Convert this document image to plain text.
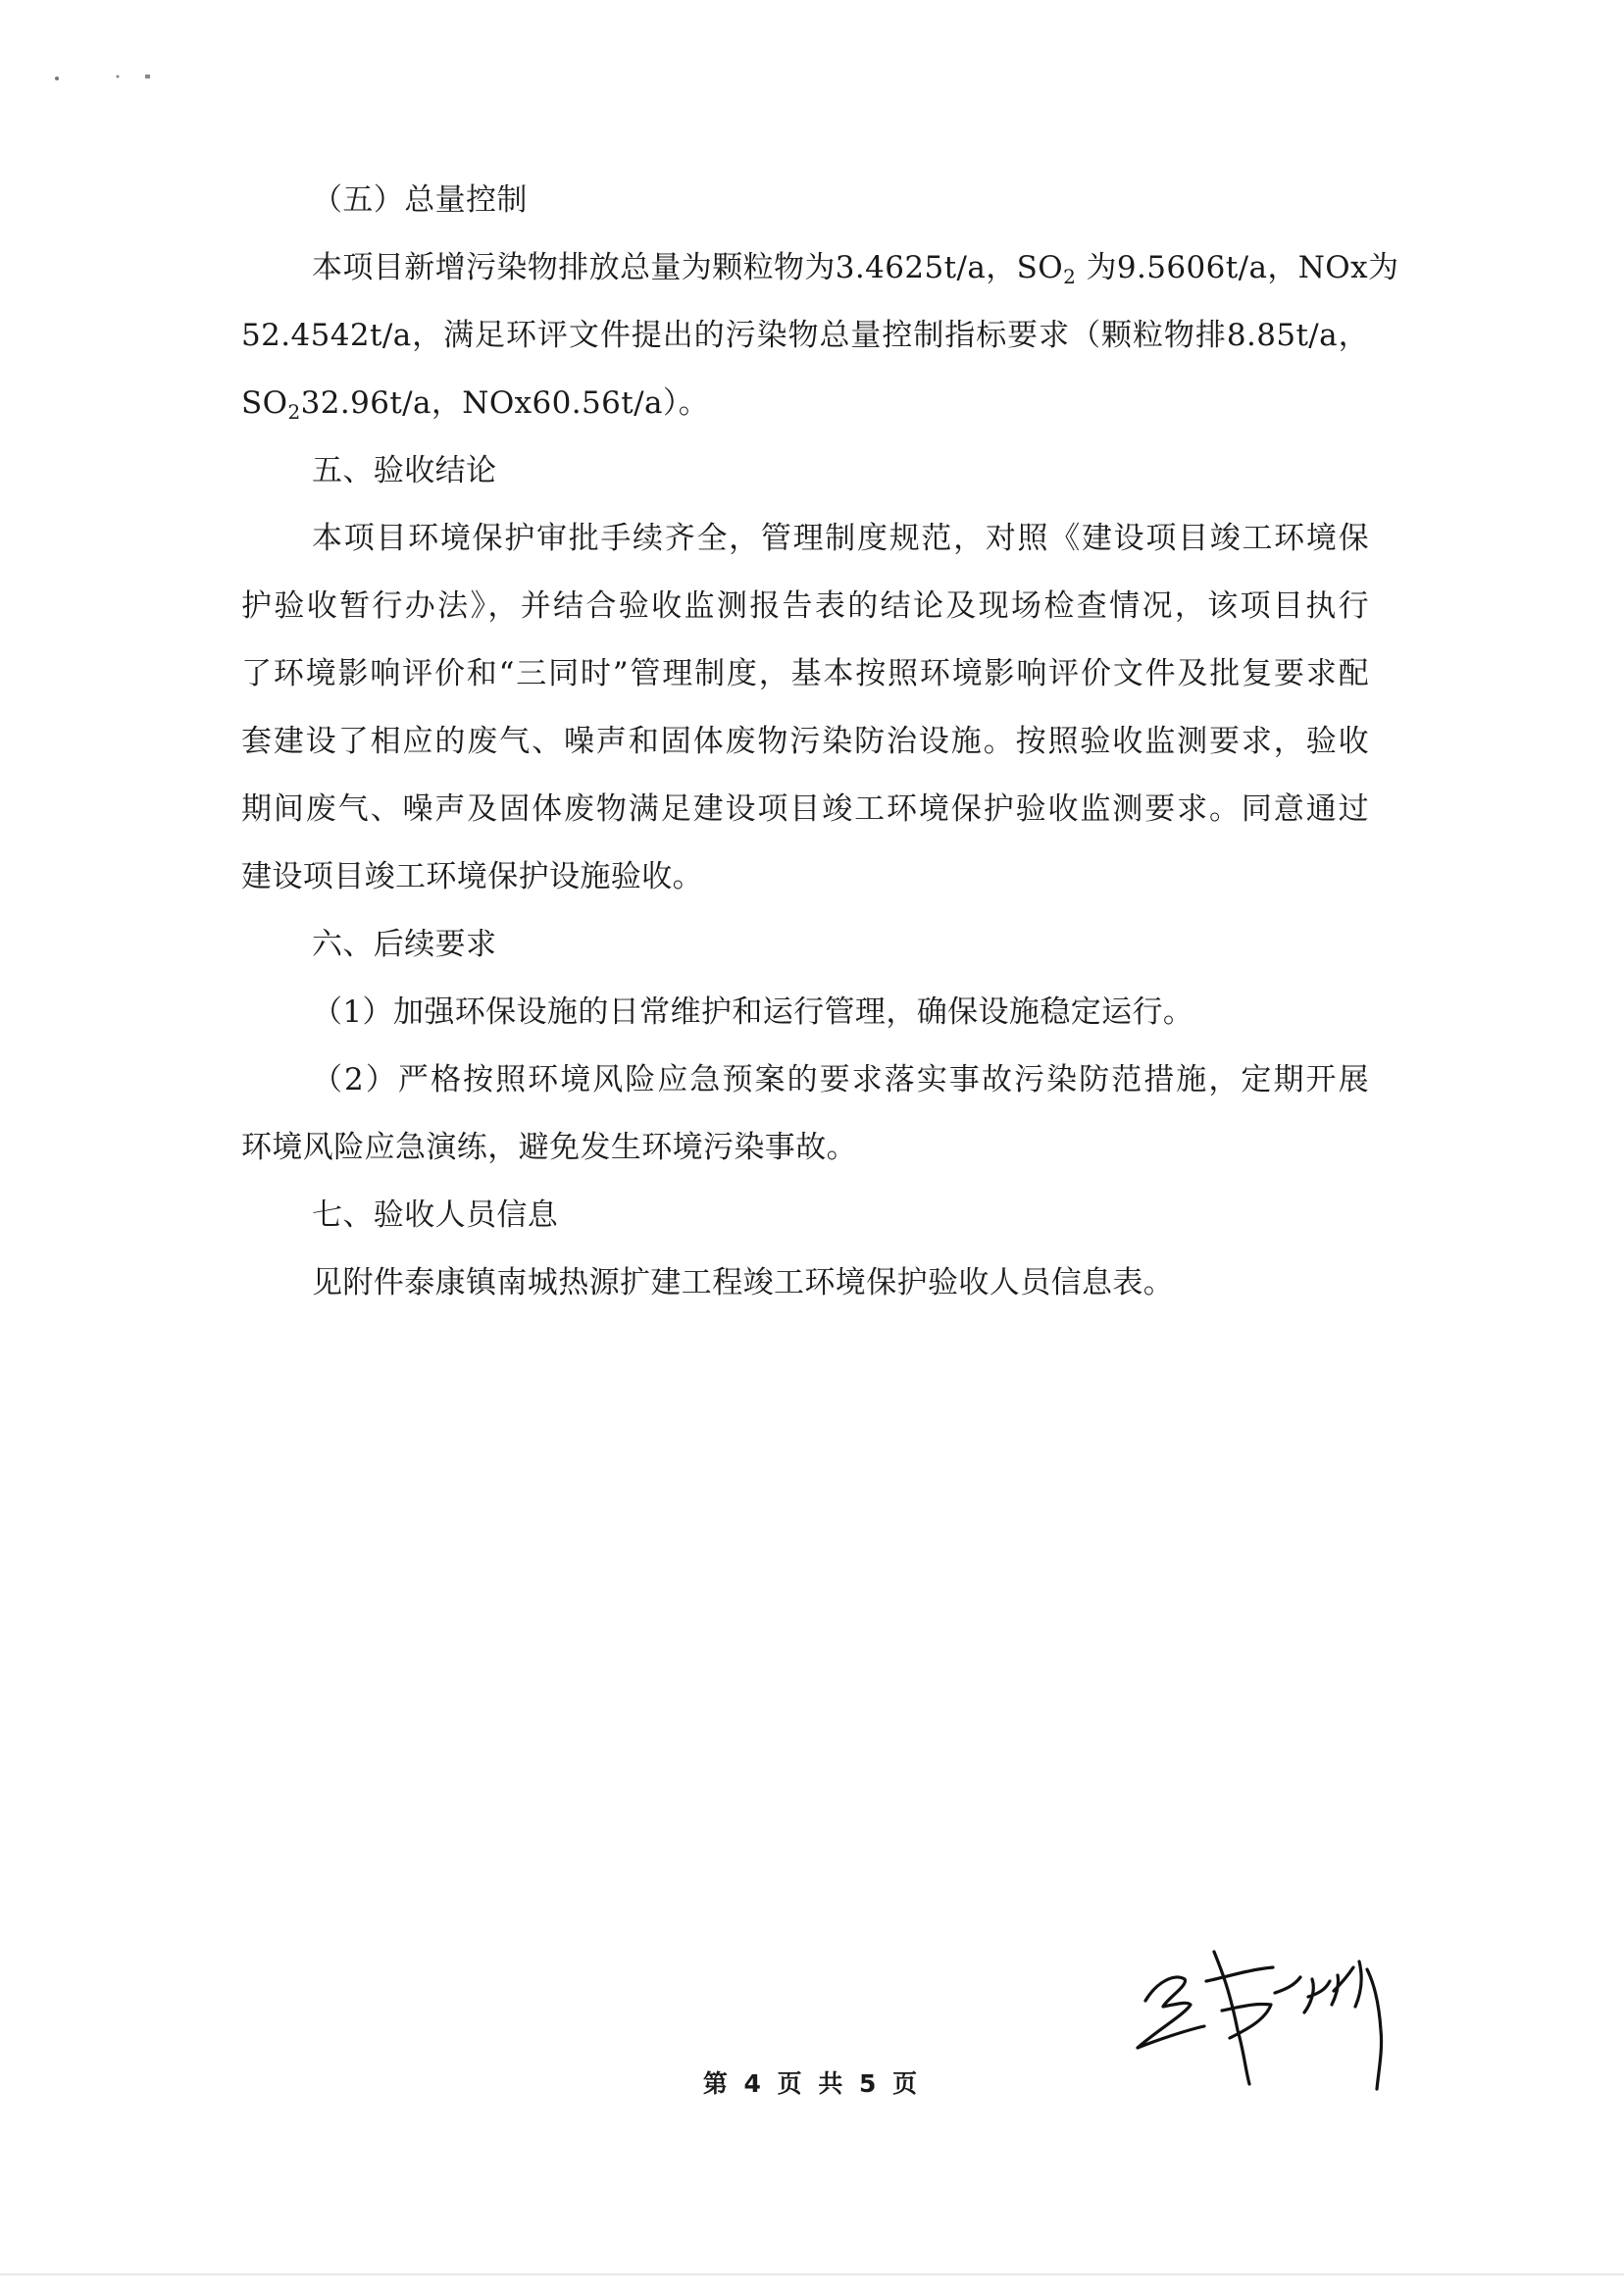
（五）总量控制
本项目新增污染物排放总量为颗粒物为3.4625t/a，$SO_2$ 为9.5606t/a，NOx为
52.4542t/a，满足环评文件提出的污染物总量控制指标要求（颗粒物排8.85t/a，
$SO_232.96t/a$，NOx60.56t/a）。
五、验收结论
本项目环境保护审批手续齐全，管理制度规范，对照《建设项目竣工环境保
护验收暂行办法》，并结合验收监测报告表的结论及现场检查情况，该项目执行
了环境影响评价和“三同时”管理制度，基本按照环境影响评价文件及批复要求配
套建设了相应的废气、噪声和固体废物污染防治设施。按照验收监测要求，验收
期间废气、噪声及固体废物满足建设项目竣工环境保护验收监测要求。同意通过
建设项目竣工环境保护设施验收。
六、后续要求
（1）加强环保设施的日常维护和运行管理，确保设施稳定运行。
（2）严格按照环境风险应急预案的要求落实事故污染防范措施，定期开展
环境风险应急演练，避免发生环境污染事故。
七、验收人员信息
见附件泰康镇南城热源扩建工程竣工环境保护验收人员信息表。
第 4 页 共 5 页
